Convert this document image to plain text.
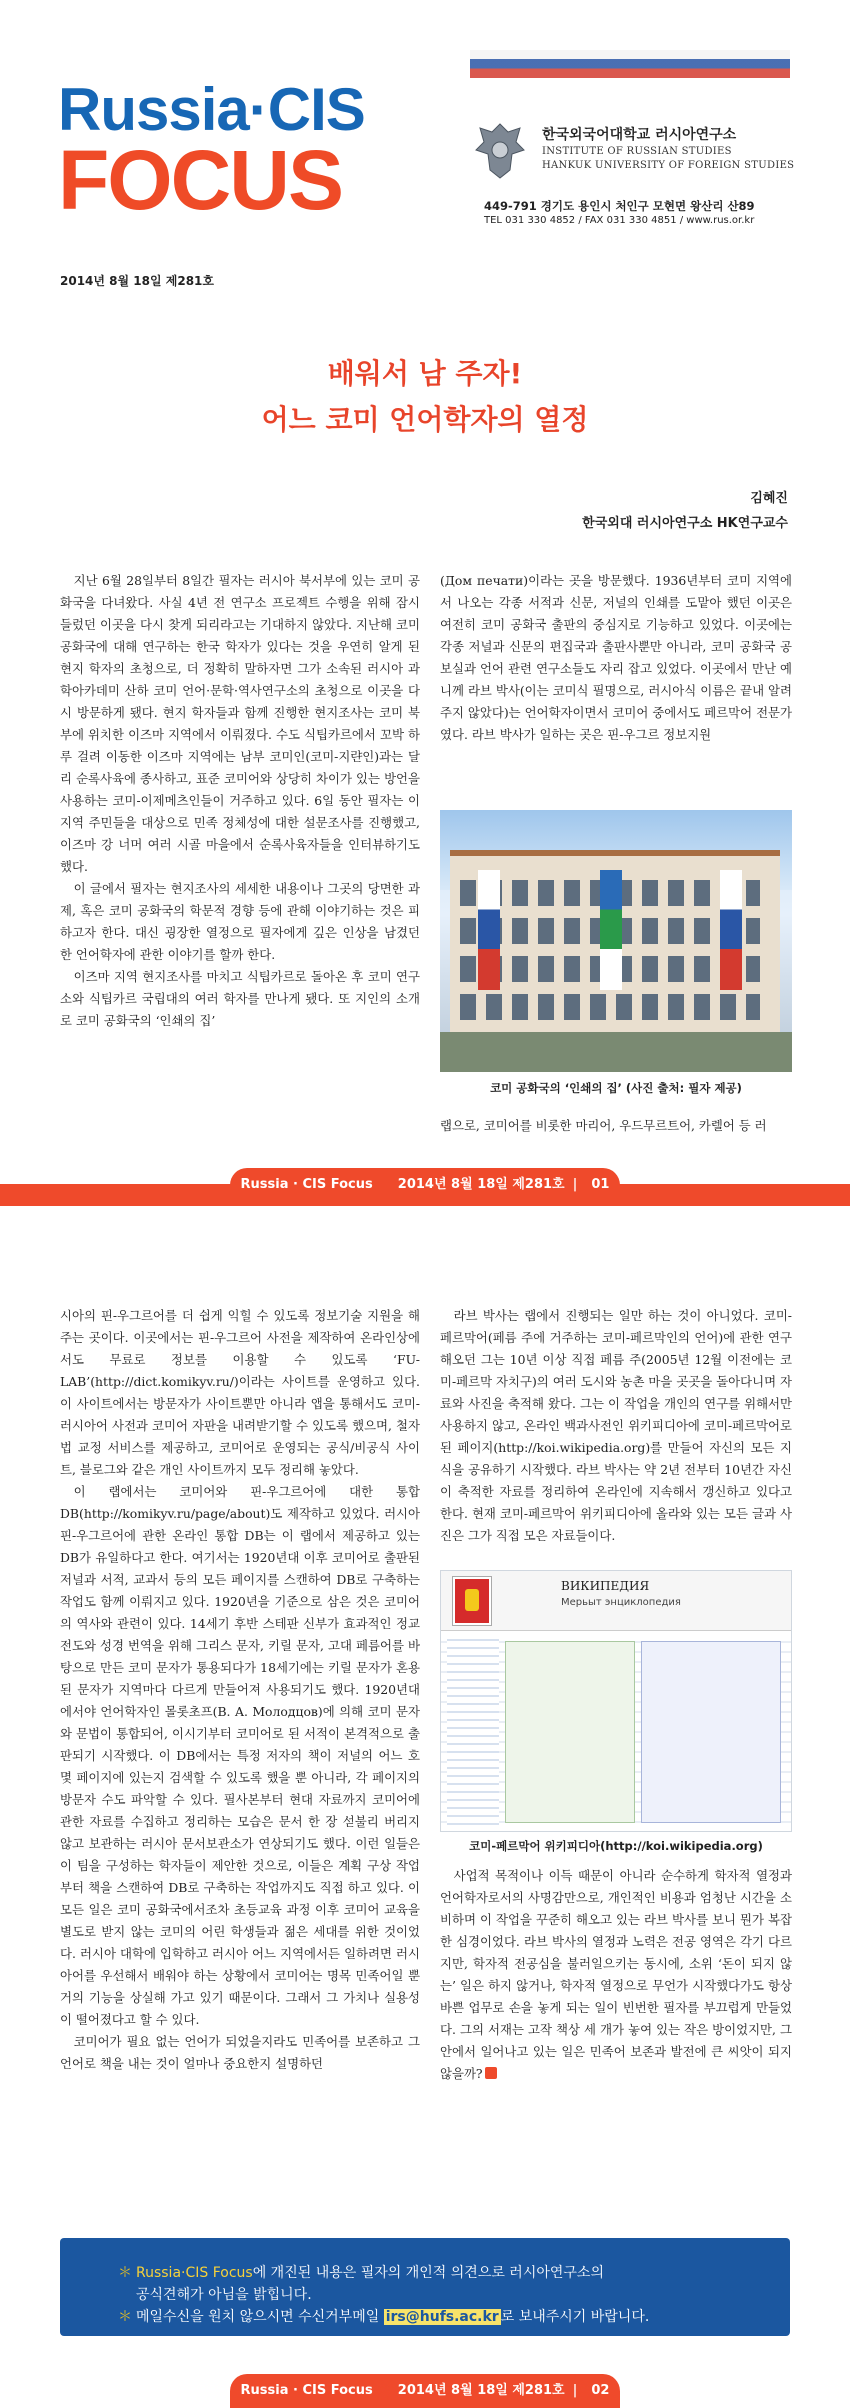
Russia·CIS
FOCUS
2014년 8월 18일 제281호
한국외국어대학교 러시아연구소
INSTITUTE OF RUSSIAN STUDIES
HANKUK UNIVERSITY OF FOREIGN STUDIES
449-791 경기도 용인시 처인구 모현면 왕산리 산89
TEL 031 330 4852 / FAX 031 330 4851 / www.rus.or.kr
배워서 남 주자!
어느 코미 언어학자의 열정
김혜진
한국외대 러시아연구소 HK연구교수

지난 6월 28일부터 8일간 필자는 러시아 북서부에 있는 코미 공화국을 다녀왔다. 사실 4년 전 연구소 프로젝트 수행을 위해 잠시 들렀던 이곳을 다시 찾게 되리라고는 기대하지 않았다. 지난해 코미 공화국에 대해 연구하는 한국 학자가 있다는 것을 우연히 알게 된 현지 학자의 초청으로, 더 정확히 말하자면 그가 소속된 러시아 과학아카데미 산하 코미 언어·문학·역사연구소의 초청으로 이곳을 다시 방문하게 됐다. 현지 학자들과 함께 진행한 현지조사는 코미 북부에 위치한 이즈마 지역에서 이뤄졌다. 수도 식팁카르에서 꼬박 하루 걸려 이동한 이즈마 지역에는 남부 코미인(코미-지랸인)과는 달리 순록사육에 종사하고, 표준 코미어와 상당히 차이가 있는 방언을 사용하는 코미-이제메츠인들이 거주하고 있다. 6일 동안 필자는 이 지역 주민들을 대상으로 민족 정체성에 대한 설문조사를 진행했고, 이즈마 강 너머 여러 시골 마을에서 순록사육자들을 인터뷰하기도 했다.

이 글에서 필자는 현지조사의 세세한 내용이나 그곳의 당면한 과제, 혹은 코미 공화국의 학문적 경향 등에 관해 이야기하는 것은 피하고자 한다. 대신 굉장한 열정으로 필자에게 깊은 인상을 남겼던 한 언어학자에 관한 이야기를 할까 한다.

이즈마 지역 현지조사를 마치고 식팁카르로 돌아온 후 코미 연구소와 식팁카르 국립대의 여러 학자를 만나게 됐다. 또 지인의 소개로 코미 공화국의 ‘인쇄의 집’

(Дом печати)이라는 곳을 방문했다. 1936년부터 코미 지역에서 나오는 각종 서적과 신문, 저널의 인쇄를 도맡아 했던 이곳은 여전히 코미 공화국 출판의 중심지로 기능하고 있었다. 이곳에는 각종 저널과 신문의 편집국과 출판사뿐만 아니라, 코미 공화국 공보실과 언어 관련 연구소들도 자리 잡고 있었다. 이곳에서 만난 예니께 라브 박사(이는 코미식 필명으로, 러시아식 이름은 끝내 알려주지 않았다)는 언어학자이면서 코미어 중에서도 페르막어 전문가였다. 라브 박사가 일하는 곳은 핀-우그르 정보지원

코미 공화국의 ‘인쇄의 집’ (사진 출처: 필자 제공)

랩으로, 코미어를 비롯한 마리어, 우드무르트어, 카렐어 등 러

Russia · CIS Focus 2014년 8월 18일 제281호 | 01

시아의 핀-우그르어를 더 쉽게 익힐 수 있도록 정보기술 지원을 해주는 곳이다. 이곳에서는 핀-우그르어 사전을 제작하여 온라인상에서도 무료로 정보를 이용할 수 있도록 ‘FU-LAB’(http://dict.komikyv.ru/)이라는 사이트를 운영하고 있다. 이 사이트에서는 방문자가 사이트뿐만 아니라 앱을 통해서도 코미-러시아어 사전과 코미어 자판을 내려받기할 수 있도록 했으며, 철자법 교정 서비스를 제공하고, 코미어로 운영되는 공식/비공식 사이트, 블로그와 같은 개인 사이트까지 모두 정리해 놓았다.

이 랩에서는 코미어와 핀-우그르어에 대한 통합 DB(http://komikyv.ru/page/about)도 제작하고 있었다. 러시아 핀-우그르어에 관한 온라인 통합 DB는 이 랩에서 제공하고 있는 DB가 유일하다고 한다. 여기서는 1920년대 이후 코미어로 출판된 저널과 서적, 교과서 등의 모든 페이지를 스캔하여 DB로 구축하는 작업도 함께 이뤄지고 있다. 1920년을 기준으로 삼은 것은 코미어의 역사와 관련이 있다. 14세기 후반 스테판 신부가 효과적인 정교 전도와 성경 번역을 위해 그리스 문자, 키릴 문자, 고대 페름어를 바탕으로 만든 코미 문자가 통용되다가 18세기에는 키릴 문자가 혼용된 문자가 지역마다 다르게 만들어져 사용되기도 했다. 1920년대에서야 언어학자인 몰롯초프(B. A. Молодцов)에 의해 코미 문자와 문법이 통합되어, 이시기부터 코미어로 된 서적이 본격적으로 출판되기 시작했다. 이 DB에서는 특정 저자의 책이 저널의 어느 호 몇 페이지에 있는지 검색할 수 있도록 했을 뿐 아니라, 각 페이지의 방문자 수도 파악할 수 있다. 필사본부터 현대 자료까지 코미어에 관한 자료를 수집하고 정리하는 모습은 문서 한 장 섣불리 버리지 않고 보관하는 러시아 문서보관소가 연상되기도 했다. 이런 일들은 이 팀을 구성하는 학자들이 제안한 것으로, 이들은 계획 구상 작업부터 책을 스캔하여 DB로 구축하는 작업까지도 직접 하고 있다. 이 모든 일은 코미 공화국에서조차 초등교육 과정 이후 코미어 교육을 별도로 받지 않는 코미의 어린 학생들과 젊은 세대를 위한 것이었다. 러시아 대학에 입학하고 러시아 어느 지역에서든 일하려면 러시아어를 우선해서 배워야 하는 상황에서 코미어는 명목 민족어일 뿐 거의 기능을 상실해 가고 있기 때문이다. 그래서 그 가치나 실용성이 떨어졌다고 할 수 있다.

코미어가 필요 없는 언어가 되었을지라도 민족어를 보존하고 그 언어로 책을 내는 것이 얼마나 중요한지 설명하던

라브 박사는 랩에서 진행되는 일만 하는 것이 아니었다. 코미-페르막어(페름 주에 거주하는 코미-페르막인의 언어)에 관한 연구해오던 그는 10년 이상 직접 페름 주(2005년 12월 이전에는 코미-페르막 자치구)의 여러 도시와 농촌 마을 곳곳을 돌아다니며 자료와 사진을 축적해 왔다. 그는 이 작업을 개인의 연구를 위해서만 사용하지 않고, 온라인 백과사전인 위키피디아에 코미-페르막어로 된 페이지(http://koi.wikipedia.org)를 만들어 자신의 모든 지식을 공유하기 시작했다. 라브 박사는 약 2년 전부터 10년간 자신이 축적한 자료를 정리하여 온라인에 지속해서 갱신하고 있다고 한다. 현재 코미-페르막어 위키피디아에 올라와 있는 모든 글과 사진은 그가 직접 모은 자료들이다.

ВИКИПЕДИЯ
Мерьыт энциклопедия
코미-페르막어 위키피디아(http://koi.wikipedia.org)

사업적 목적이나 이득 때문이 아니라 순수하게 학자적 열정과 언어학자로서의 사명감만으로, 개인적인 비용과 엄청난 시간을 소비하며 이 작업을 꾸준히 해오고 있는 라브 박사를 보니 뭔가 복잡한 심경이었다. 라브 박사의 열정과 노력은 전공 영역은 각기 다르지만, 학자적 전공심을 불러일으키는 동시에, 소위 ‘돈이 되지 않는’ 일은 하지 않거나, 학자적 열정으로 무언가 시작했다가도 항상 바쁜 업무로 손을 놓게 되는 일이 빈번한 필자를 부끄럽게 만들었다. 그의 서재는 고작 책상 세 개가 놓여 있는 작은 방이었지만, 그 안에서 일어나고 있는 일은 민족어 보존과 발전에 큰 씨앗이 되지 않을까?

＊ Russia·CIS Focus에 개진된 내용은 필자의 개인적 의견으로 러시아연구소의
공식견해가 아님을 밝힙니다.
＊ 메일수신을 원치 않으시면 수신거부메일 irs@hufs.ac.kr 로 보내주시기 바랍니다.
Russia · CIS Focus 2014년 8월 18일 제281호 | 02
